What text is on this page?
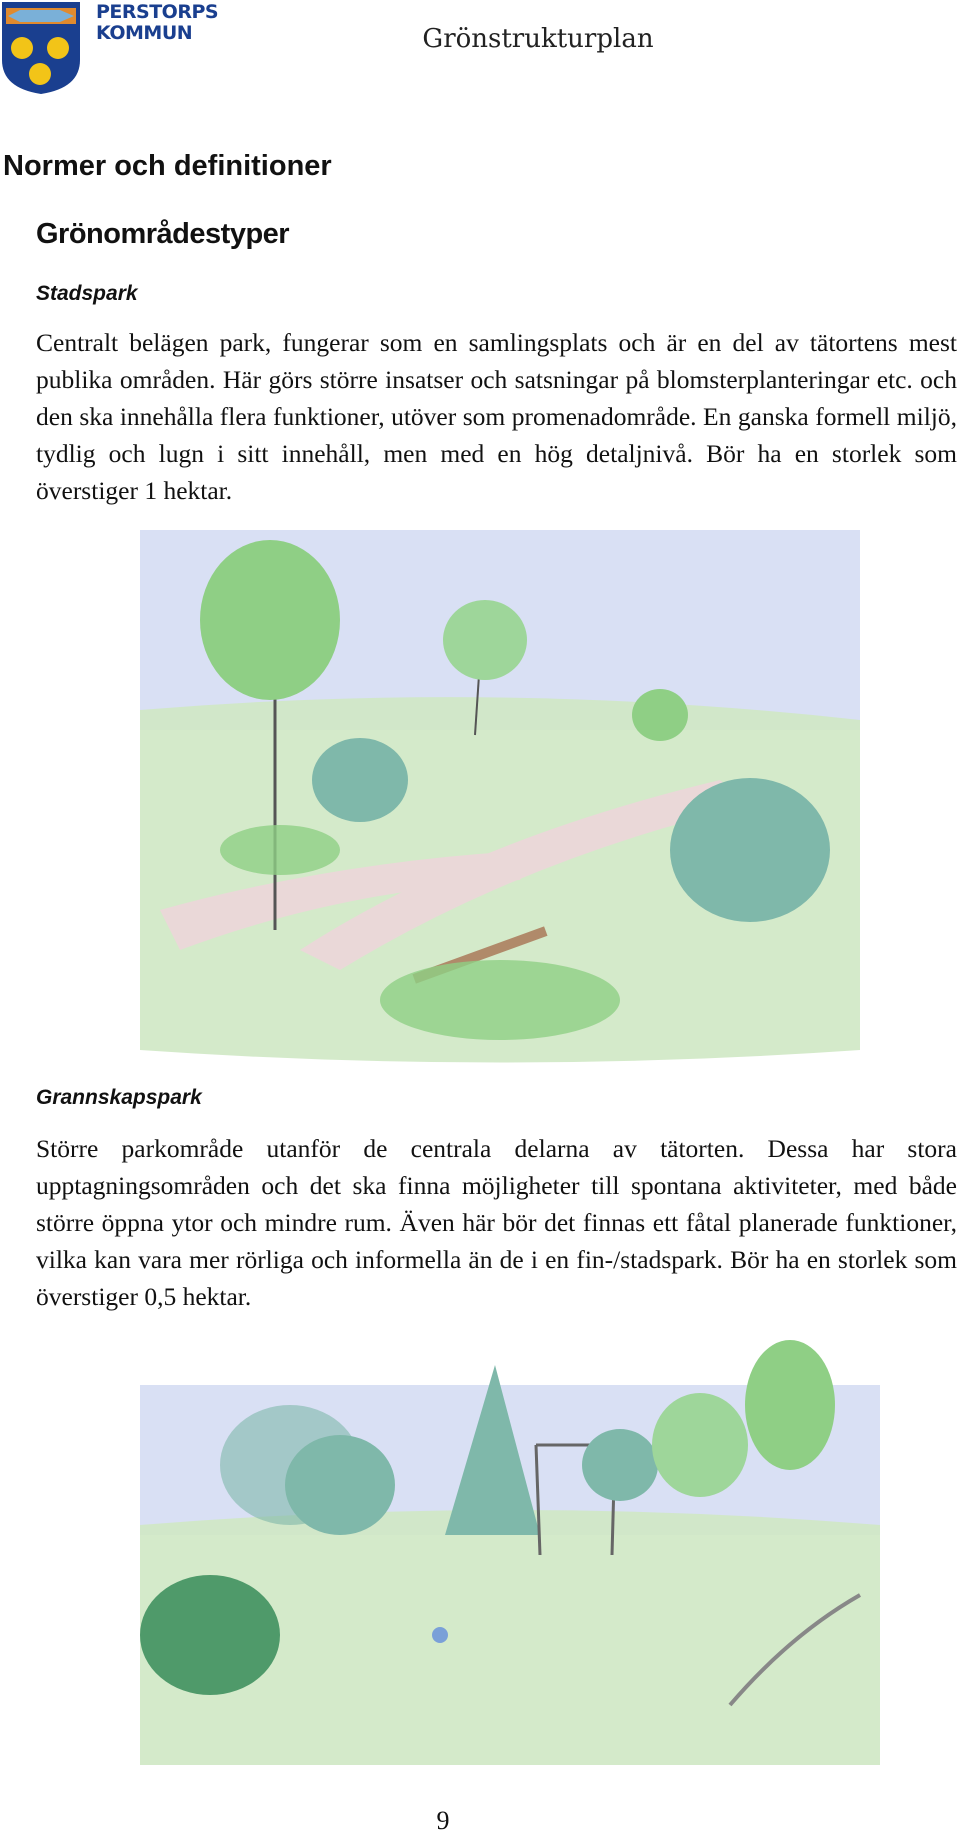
PERSTORPS
KOMMUN	Grönstrukturplan
Normer och definitioner
Grönområdestyper
Stadspark

Centralt belägen park, fungerar som en samlingsplats och är en del av tätortens mest publika områden. Här görs större insatser och satsningar på blomsterplanteringar etc. och den ska innehålla flera funktioner, utöver som promenadområde. En ganska formell miljö, tydlig och lugn i sitt innehåll, men med en hög detaljnivå. Bör ha en storlek som överstiger 1 hektar.

Grannskapspark

Större parkområde utanför de centrala delarna av tätorten. Dessa har stora upptagningsområden och det ska finna möjligheter till spontana aktiviteter, med både större öppna ytor och mindre rum. Även här bör det finnas ett fåtal planerade funktioner, vilka kan vara mer rörliga och informella än de i en fin-/stadspark. Bör ha en storlek som överstiger 0,5 hektar.

9
